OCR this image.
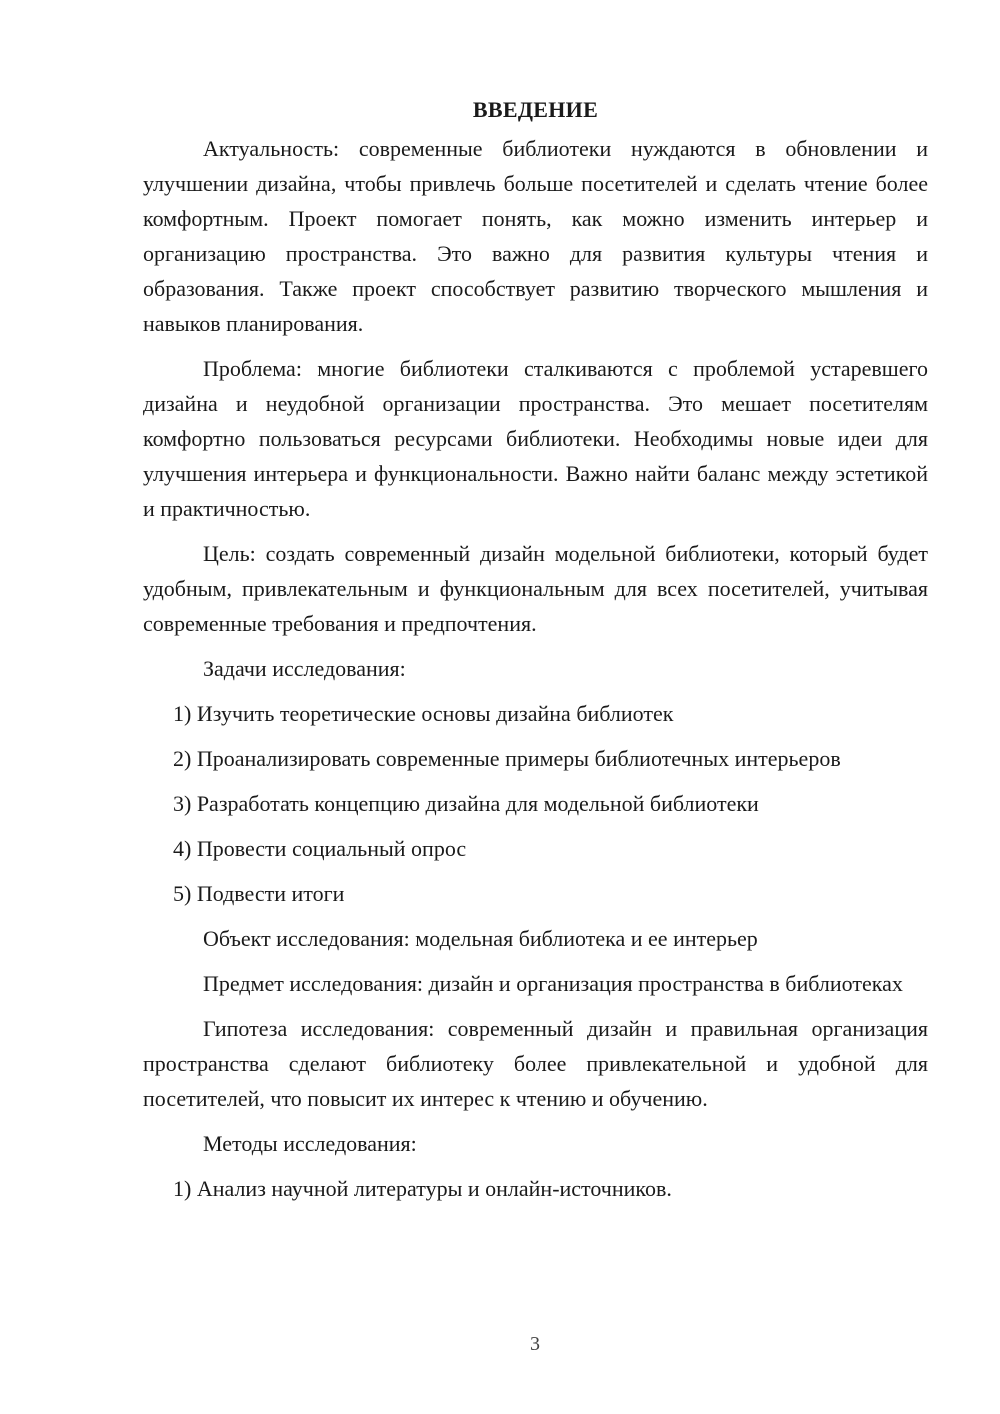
ВВЕДЕНИЕ

Актуальность: современные библиотеки нуждаются в обновлении и улучшении дизайна, чтобы привлечь больше посетителей и сделать чтение более комфортным. Проект помогает понять, как можно изменить интерьер и организацию пространства. Это важно для развития культуры чтения и образования. Также проект способствует развитию творческого мышления и навыков планирования.

Проблема: многие библиотеки сталкиваются с проблемой устаревшего дизайна и неудобной организации пространства. Это мешает посетителям комфортно пользоваться ресурсами библиотеки. Необходимы новые идеи для улучшения интерьера и функциональности. Важно найти баланс между эстетикой и практичностью.

Цель: создать современный дизайн модельной библиотеки, который будет удобным, привлекательным и функциональным для всех посетителей, учитывая современные требования и предпочтения.

Задачи исследования:

1) Изучить теоретические основы дизайна библиотек

2) Проанализировать современные примеры библиотечных интерьеров

3) Разработать концепцию дизайна для модельной библиотеки

4) Провести социальный опрос

5) Подвести итоги

Объект исследования: модельная библиотека и ее интерьер

Предмет исследования: дизайн и организация пространства в библиотеках

Гипотеза исследования: современный дизайн и правильная организация пространства сделают библиотеку более привлекательной и удобной для посетителей, что повысит их интерес к чтению и обучению.

Методы исследования:

1) Анализ научной литературы и онлайн-источников.

3
